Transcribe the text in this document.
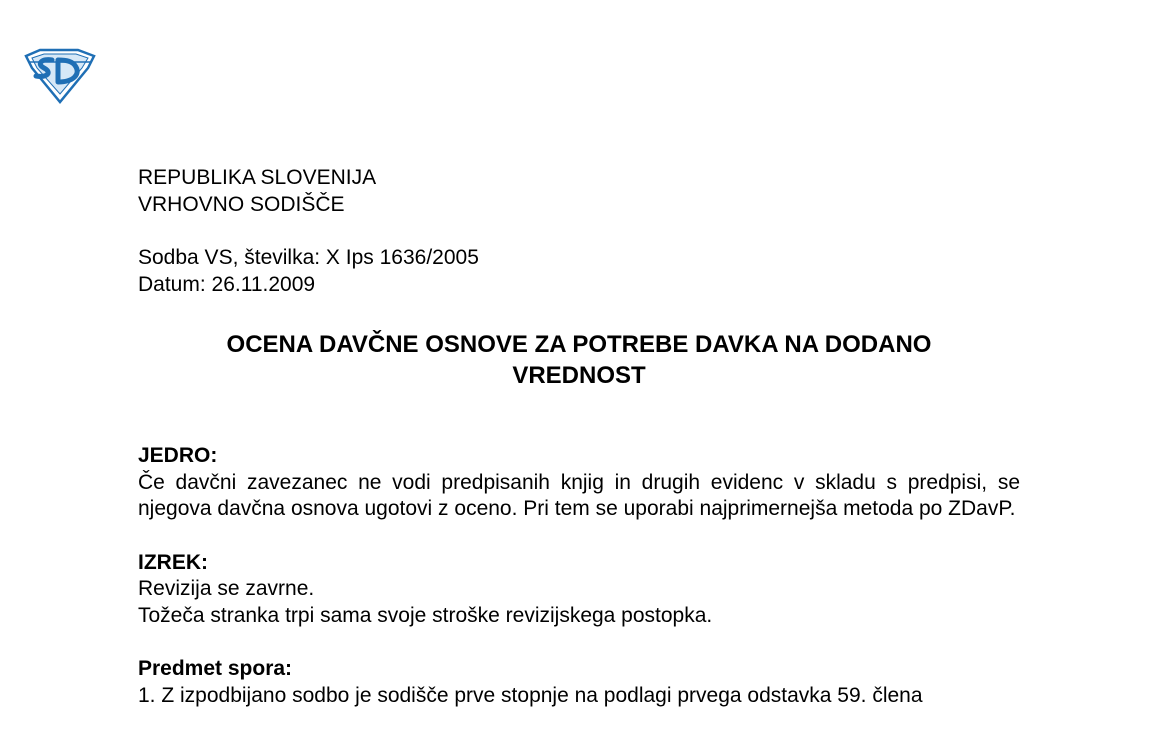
REPUBLIKA SLOVENIJA
VRHOVNO SODIŠČE
Sodba VS, številka: X Ips 1636/2005
Datum: 26.11.2009
OCENA DAVČNE OSNOVE ZA POTREBE DAVKA NA DODANO
VREDNOST
JEDRO:
Če davčni zavezanec ne vodi predpisanih knjig in drugih evidenc v skladu s predpisi, se njegova davčna osnova ugotovi z oceno. Pri tem se uporabi najprimernejša metoda po ZDavP.
IZREK:
Revizija se zavrne.
Tožeča stranka trpi sama svoje stroške revizijskega postopka.
Predmet spora:
1. Z izpodbijano sodbo je sodišče prve stopnje na podlagi prvega odstavka 59. člena
